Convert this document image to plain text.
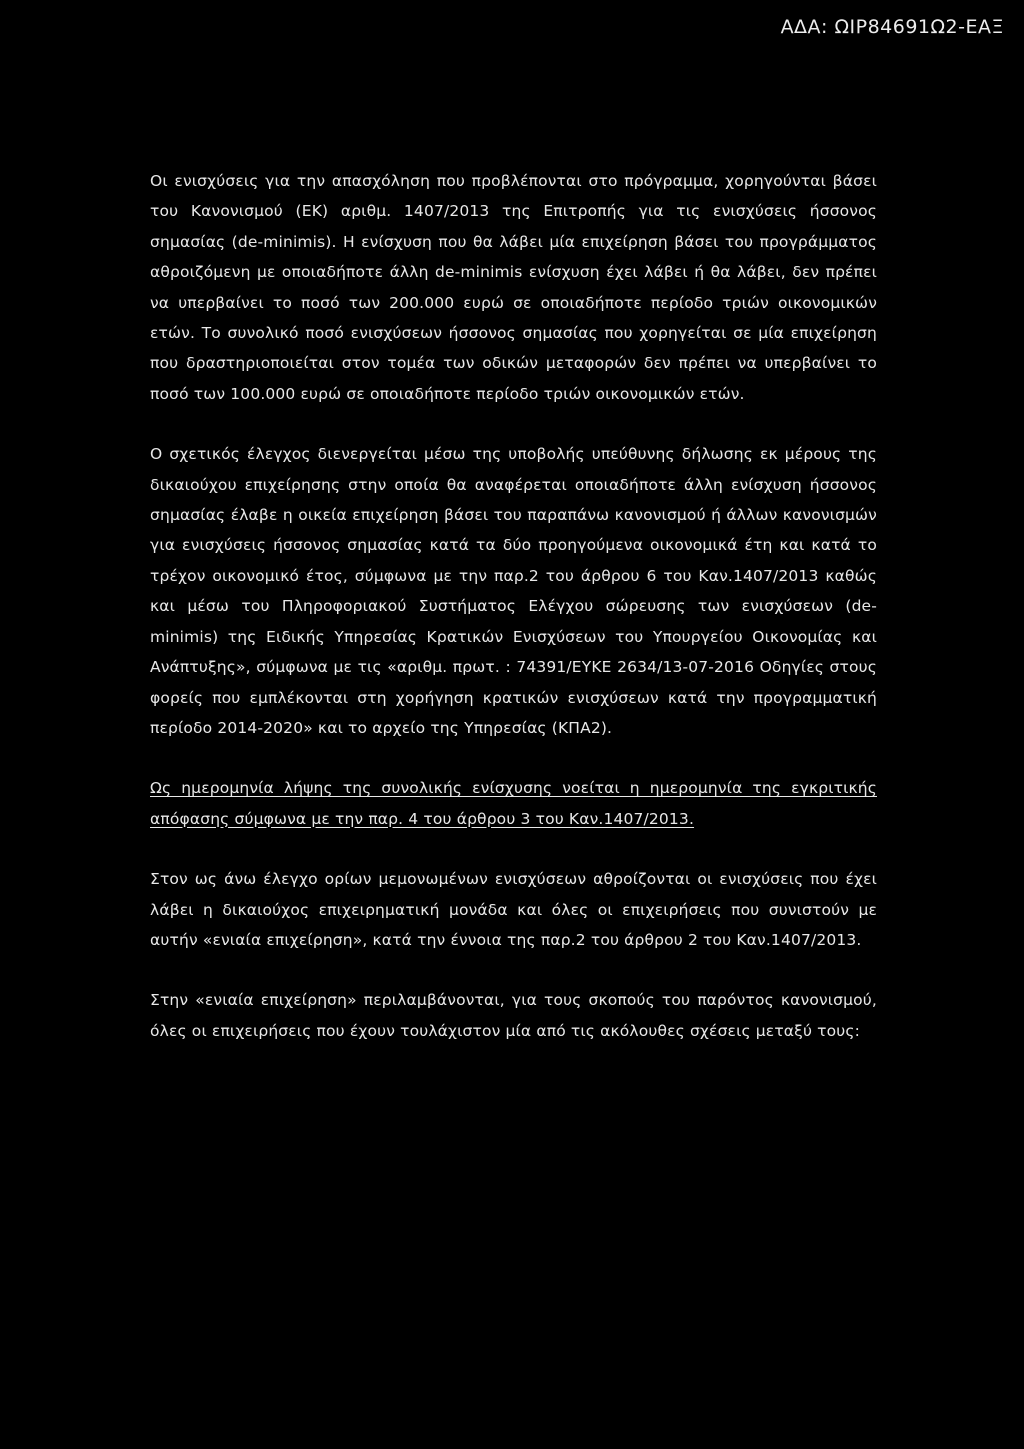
ΑΔΑ: ΩΙΡ84691Ω2-ΕΑΞ

Οι ενισχύσεις για την απασχόληση που προβλέπονται στο πρόγραμμα, χορηγούνται βάσει του Κανονισμού (ΕΚ) αριθμ. 1407/2013 της Επιτροπής για τις ενισχύσεις ήσσονος σημασίας (de-minimis). Η ενίσχυση που θα λάβει μία επιχείρηση βάσει του προγράμματος αθροιζόμενη με οποιαδήποτε άλλη de-minimis ενίσχυση έχει λάβει ή θα λάβει, δεν πρέπει να υπερβαίνει το ποσό των 200.000 ευρώ σε οποιαδήποτε περίοδο τριών οικονομικών ετών. Το συνολικό ποσό ενισχύσεων ήσσονος σημασίας που χορηγείται σε μία επιχείρηση που δραστηριοποιείται στον τομέα των οδικών μεταφορών δεν πρέπει να υπερβαίνει το ποσό των 100.000 ευρώ σε οποιαδήποτε περίοδο τριών οικονομικών ετών.

Ο σχετικός έλεγχος διενεργείται μέσω της υποβολής υπεύθυνης δήλωσης εκ μέρους της δικαιούχου επιχείρησης στην οποία θα αναφέρεται οποιαδήποτε άλλη ενίσχυση ήσσονος σημασίας έλαβε η οικεία επιχείρηση βάσει του παραπάνω κανονισμού ή άλλων κανονισμών για ενισχύσεις ήσσονος σημασίας κατά τα δύο προηγούμενα οικονομικά έτη και κατά το τρέχον οικονομικό έτος, σύμφωνα με την παρ.2 του άρθρου 6 του Καν.1407/2013 καθώς και μέσω του Πληροφοριακού Συστήματος Ελέγχου σώρευσης των ενισχύσεων (de-minimis) της Ειδικής Υπηρεσίας Κρατικών Ενισχύσεων του Υπουργείου Οικονομίας και Ανάπτυξης», σύμφωνα με τις «αριθμ. πρωτ. : 74391/ΕΥΚΕ 2634/13-07-2016 Οδηγίες στους φορείς που εμπλέκονται στη χορήγηση κρατικών ενισχύσεων κατά την προγραμματική περίοδο 2014-2020» και το αρχείο της Υπηρεσίας (ΚΠΑ2).

Ως ημερομηνία λήψης της συνολικής ενίσχυσης νοείται η ημερομηνία της εγκριτικής απόφασης σύμφωνα με την παρ. 4 του άρθρου 3 του Καν.1407/2013.

Στον ως άνω έλεγχο ορίων μεμονωμένων ενισχύσεων αθροίζονται οι ενισχύσεις που έχει λάβει η δικαιούχος επιχειρηματική μονάδα και όλες οι επιχειρήσεις που συνιστούν με αυτήν «ενιαία επιχείρηση», κατά την έννοια της παρ.2 του άρθρου 2 του Καν.1407/2013.

Στην «ενιαία επιχείρηση» περιλαμβάνονται, για τους σκοπούς του παρόντος κανονισμού, όλες οι επιχειρήσεις που έχουν τουλάχιστον μία από τις ακόλουθες σχέσεις μεταξύ τους:
